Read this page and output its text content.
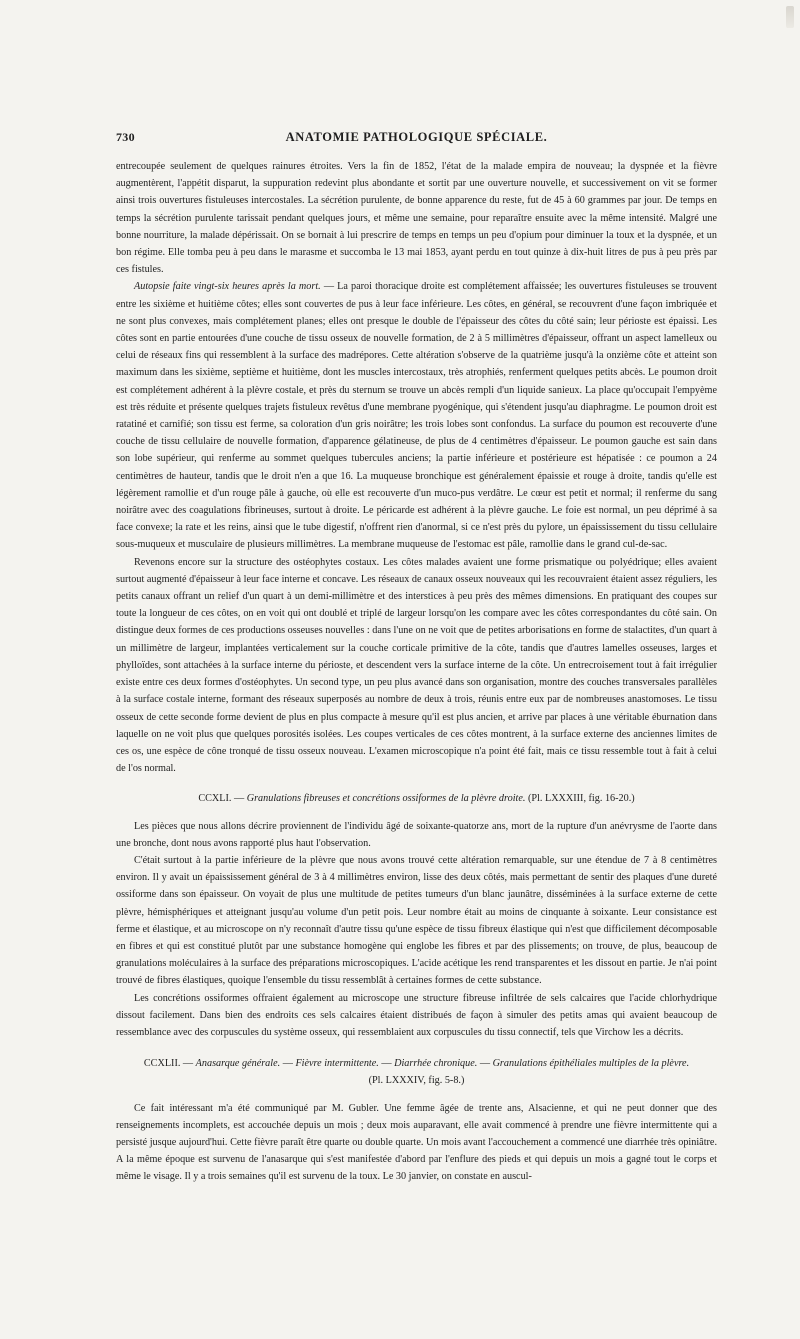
730	ANATOMIE PATHOLOGIQUE SPÉCIALE.

entrecoupée seulement de quelques rainures étroites. Vers la fin de 1852, l'état de la malade empira de nouveau; la dyspnée et la fièvre augmentèrent, l'appétit disparut, la suppuration redevint plus abondante et sortit par une ouverture nouvelle, et successivement on vit se former ainsi trois ouvertures fistuleuses intercostales. La sécrétion purulente, de bonne apparence du reste, fut de 45 à 60 grammes par jour. De temps en temps la sécrétion purulente tarissait pendant quelques jours, et même une semaine, pour reparaître ensuite avec la même intensité. Malgré une bonne nourriture, la malade dépérissait. On se bornait à lui prescrire de temps en temps un peu d'opium pour diminuer la toux et la dyspnée, et un bon régime. Elle tomba peu à peu dans le marasme et succomba le 13 mai 1853, ayant perdu en tout quinze à dix-huit litres de pus à peu près par ces fistules.

Autopsie faite vingt-six heures après la mort. — La paroi thoracique droite est complétement affaissée; les ouvertures fistuleuses se trouvent entre les sixième et huitième côtes; elles sont couvertes de pus à leur face inférieure. Les côtes, en général, se recouvrent d'une façon imbriquée et ne sont plus convexes, mais complétement planes; elles ont presque le double de l'épaisseur des côtes du côté sain; leur périoste est épaissi. Les côtes sont en partie entourées d'une couche de tissu osseux de nouvelle formation, de 2 à 5 millimètres d'épaisseur, offrant un aspect lamelleux ou celui de réseaux fins qui ressemblent à la surface des madrépores. Cette altération s'observe de la quatrième jusqu'à la onzième côte et atteint son maximum dans les sixième, septième et huitième, dont les muscles intercostaux, très atrophiés, renferment quelques petits abcès. Le poumon droit est complétement adhérent à la plèvre costale, et près du sternum se trouve un abcès rempli d'un liquide sanieux. La place qu'occupait l'empyème est très réduite et présente quelques trajets fistuleux revêtus d'une membrane pyogénique, qui s'étendent jusqu'au diaphragme. Le poumon droit est ratatiné et carnifié; son tissu est ferme, sa coloration d'un gris noirâtre; les trois lobes sont confondus. La surface du poumon est recouverte d'une couche de tissu cellulaire de nouvelle formation, d'apparence gélatineuse, de plus de 4 centimètres d'épaisseur. Le poumon gauche est sain dans son lobe supérieur, qui renferme au sommet quelques tubercules anciens; la partie inférieure et postérieure est hépatisée : ce poumon a 24 centimètres de hauteur, tandis que le droit n'en a que 16. La muqueuse bronchique est généralement épaissie et rouge à droite, tandis qu'elle est légèrement ramollie et d'un rouge pâle à gauche, où elle est recouverte d'un muco-pus verdâtre. Le cœur est petit et normal; il renferme du sang noirâtre avec des coagulations fibrineuses, surtout à droite. Le péricarde est adhérent à la plèvre gauche. Le foie est normal, un peu déprimé à sa face convexe; la rate et les reins, ainsi que le tube digestif, n'offrent rien d'anormal, si ce n'est près du pylore, un épaississement du tissu cellulaire sous-muqueux et musculaire de plusieurs millimètres. La membrane muqueuse de l'estomac est pâle, ramollie dans le grand cul-de-sac.

Revenons encore sur la structure des ostéophytes costaux. Les côtes malades avaient une forme prismatique ou polyédrique; elles avaient surtout augmenté d'épaisseur à leur face interne et concave. Les réseaux de canaux osseux nouveaux qui les recouvraient étaient assez réguliers, les petits canaux offrant un relief d'un quart à un demi-millimètre et des interstices à peu près des mêmes dimensions. En pratiquant des coupes sur toute la longueur de ces côtes, on en voit qui ont doublé et triplé de largeur lorsqu'on les compare avec les côtes correspondantes du côté sain. On distingue deux formes de ces productions osseuses nouvelles : dans l'une on ne voit que de petites arborisations en forme de stalactites, d'un quart à un millimètre de largeur, implantées verticalement sur la couche corticale primitive de la côte, tandis que d'autres lamelles osseuses, larges et phylloïdes, sont attachées à la surface interne du périoste, et descendent vers la surface interne de la côte. Un entrecroisement tout à fait irrégulier existe entre ces deux formes d'ostéophytes. Un second type, un peu plus avancé dans son organisation, montre des couches transversales parallèles à la surface costale interne, formant des réseaux superposés au nombre de deux à trois, réunis entre eux par de nombreuses anastomoses. Le tissu osseux de cette seconde forme devient de plus en plus compacte à mesure qu'il est plus ancien, et arrive par places à une véritable éburnation dans laquelle on ne voit plus que quelques porosités isolées. Les coupes verticales de ces côtes montrent, à la surface externe des anciennes limites de ces os, une espèce de cône tronqué de tissu osseux nouveau. L'examen microscopique n'a point été fait, mais ce tissu ressemble tout à fait à celui de l'os normal.

CCXLI. — Granulations fibreuses et concrétions ossiformes de la plèvre droite. (Pl. LXXXIII, fig. 16-20.)

Les pièces que nous allons décrire proviennent de l'individu âgé de soixante-quatorze ans, mort de la rupture d'un anévrysme de l'aorte dans une bronche, dont nous avons rapporté plus haut l'observation.

C'était surtout à la partie inférieure de la plèvre que nous avons trouvé cette altération remarquable, sur une étendue de 7 à 8 centimètres environ. Il y avait un épaississement général de 3 à 4 millimètres environ, lisse des deux côtés, mais permettant de sentir des plaques d'une dureté ossiforme dans son épaisseur. On voyait de plus une multitude de petites tumeurs d'un blanc jaunâtre, disséminées à la surface externe de cette plèvre, hémisphériques et atteignant jusqu'au volume d'un petit pois. Leur nombre était au moins de cinquante à soixante. Leur consistance est ferme et élastique, et au microscope on n'y reconnaît d'autre tissu qu'une espèce de tissu fibreux élastique qui n'est que difficilement décomposable en fibres et qui est constitué plutôt par une substance homogène qui englobe les fibres et par des plissements; on trouve, de plus, beaucoup de granulations moléculaires à la surface des préparations microscopiques. L'acide acétique les rend transparentes et les dissout en partie. Je n'ai point trouvé de fibres élastiques, quoique l'ensemble du tissu ressemblât à certaines formes de cette substance.

Les concrétions ossiformes offraient également au microscope une structure fibreuse infiltrée de sels calcaires que l'acide chlorhydrique dissout facilement. Dans bien des endroits ces sels calcaires étaient distribués de façon à simuler des petits amas qui avaient beaucoup de ressemblance avec des corpuscules du système osseux, qui ressemblaient aux corpuscules du tissu connectif, tels que Virchow les a décrits.

CCXLII. — Anasarque générale. — Fièvre intermittente. — Diarrhée chronique. — Granulations épithéliales multiples de la plèvre.
(Pl. LXXXIV, fig. 5-8.)

Ce fait intéressant m'a été communiqué par M. Gubler. Une femme âgée de trente ans, Alsacienne, et qui ne peut donner que des renseignements incomplets, est accouchée depuis un mois ; deux mois auparavant, elle avait commencé à prendre une fièvre intermittente qui a persisté jusque aujourd'hui. Cette fièvre paraît être quarte ou double quarte. Un mois avant l'accouchement a commencé une diarrhée très opiniâtre. A la même époque est survenu de l'anasarque qui s'est manifestée d'abord par l'enflure des pieds et qui depuis un mois a gagné tout le corps et même le visage. Il y a trois semaines qu'il est survenu de la toux. Le 30 janvier, on constate en auscul-
